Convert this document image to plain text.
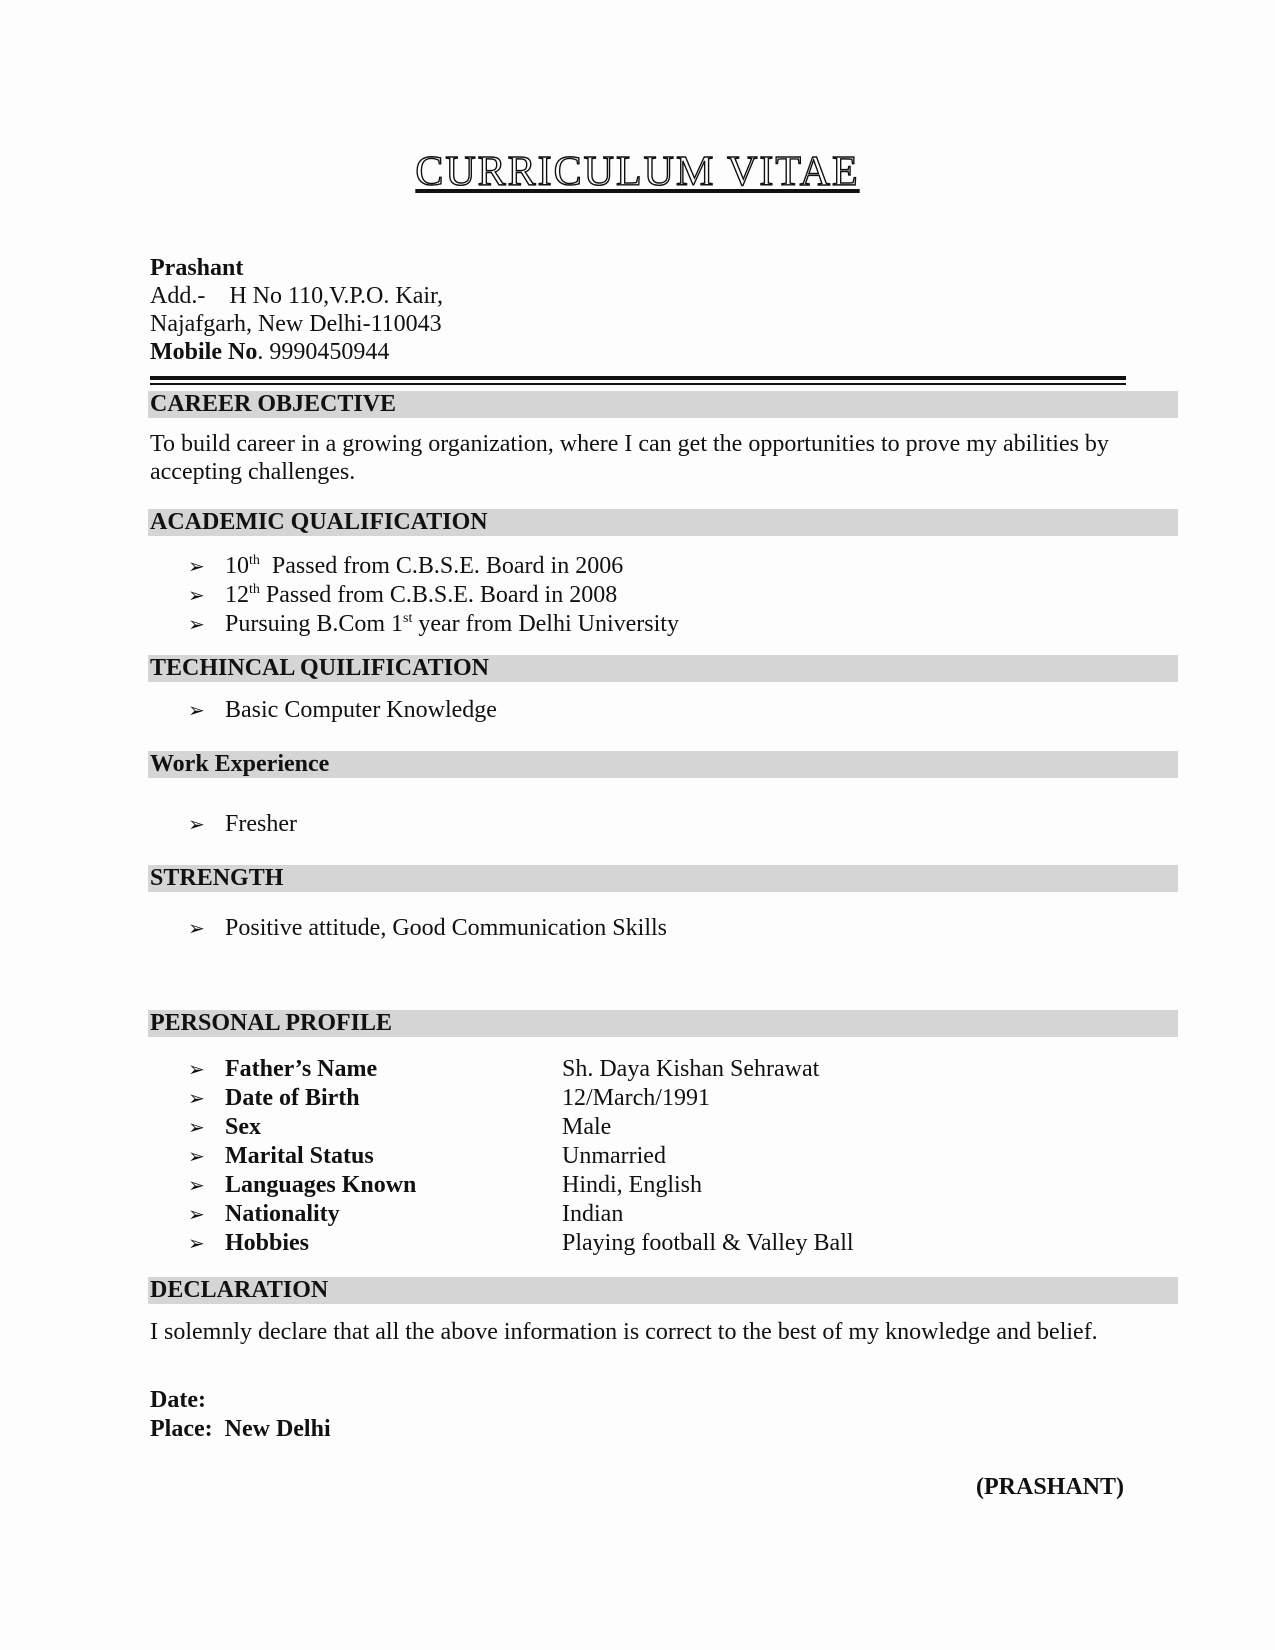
CURRICULUM VITAE
Prashant
Add.-    H No 110,V.P.O. Kair,
Najafgarh, New Delhi-110043
Mobile No. 9990450944
CAREER OBJECTIVE
To build career in a growing organization, where I can get the opportunities to prove my abilities by accepting challenges.
ACADEMIC QUALIFICATION
➢ 10th  Passed from C.B.S.E. Board in 2006
➢ 12th Passed from C.B.S.E. Board in 2008
➢ Pursuing B.Com 1st year from Delhi University
TECHINCAL QUILIFICATION
➢ Basic Computer Knowledge
Work Experience
➢ Fresher
STRENGTH
➢ Positive attitude, Good Communication Skills
PERSONAL PROFILE
➢ Father’s Name	Sh. Daya Kishan Sehrawat

➢ Date of Birth	12/March/1991

➢ Sex	Male

➢ Marital Status	Unmarried

➢ Languages Known	Hindi, English

➢ Nationality	Indian

➢ Hobbies	Playing football & Valley Ball
DECLARATION
I solemnly declare that all the above information is correct to the best of my knowledge and belief.
Date:
Place: New Delhi
(PRASHANT)
